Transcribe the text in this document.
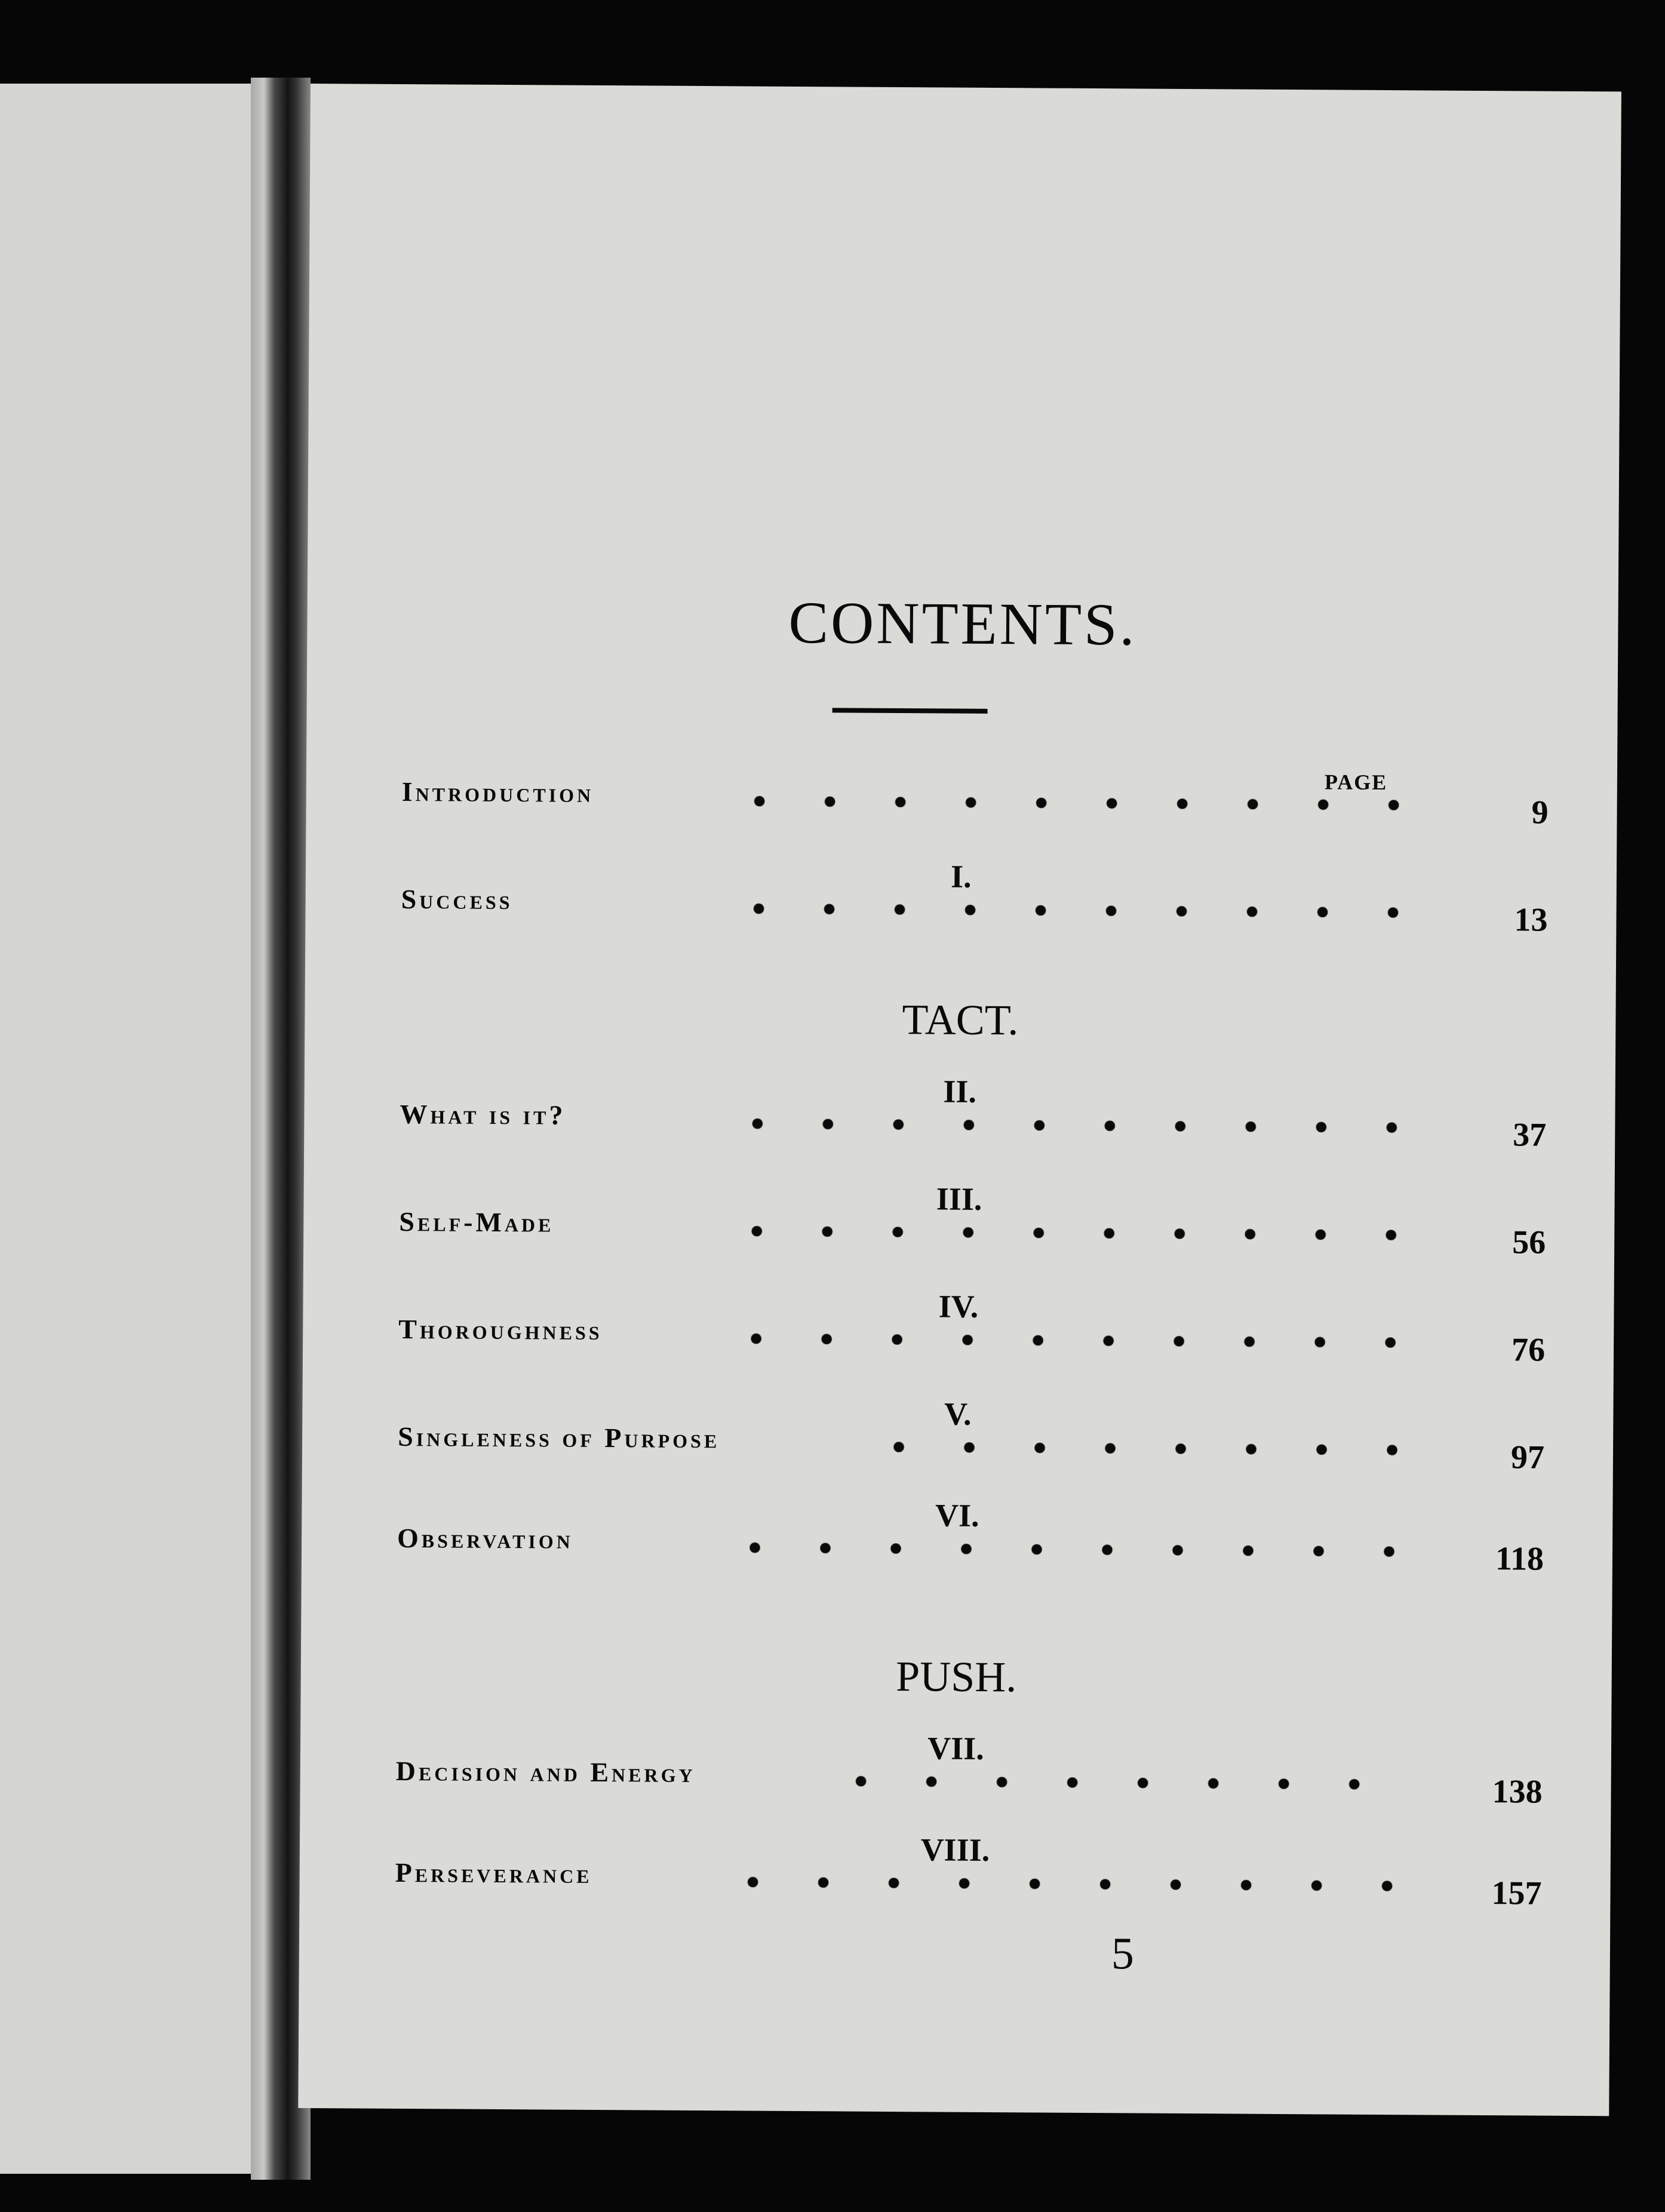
CONTENTS.
PAGE
Introduction
9
I.
Success
13
TACT.
II.
What is it?
37
III.
Self-Made
56
IV.
Thoroughness
76
V.
Singleness of Purpose
97
VI.
Observation
118
PUSH.
VII.
Decision and Energy
138
VIII.
Perseverance
157
5
